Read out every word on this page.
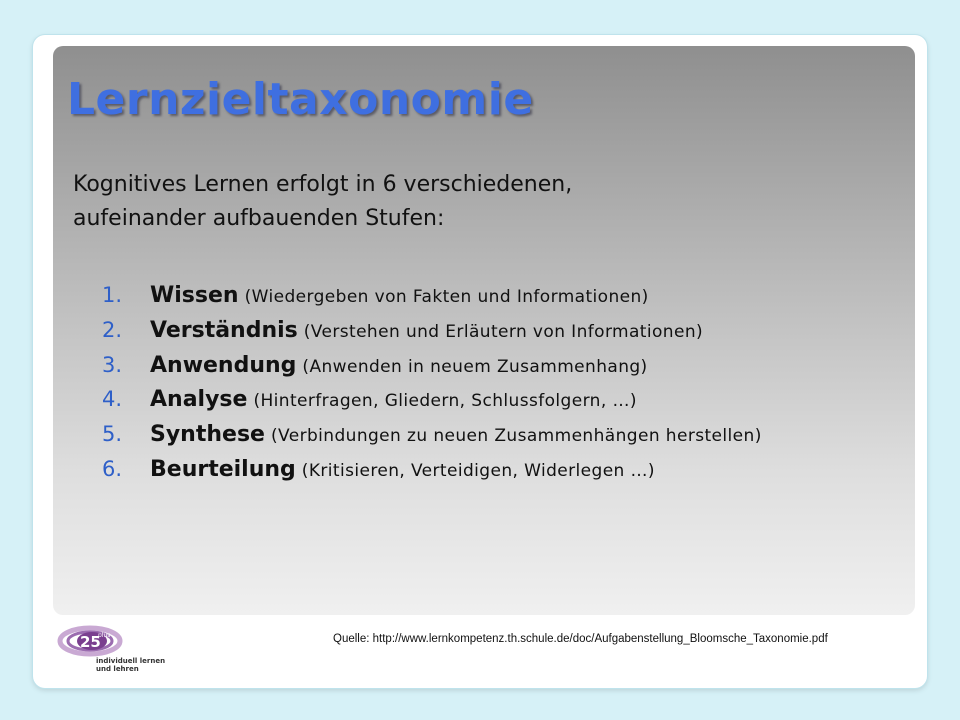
Lernzieltaxonomie
Kognitives Lernen erfolgt in 6 verschiedenen,
aufeinander aufbauenden Stufen:
1.	Wissen (Wiedergeben von Fakten und Informationen)
2.	Verständnis (Verstehen und Erläutern von Informationen)
3.	Anwendung (Anwenden in neuem Zusammenhang)
4.	Analyse (Hinterfragen, Gliedern, Schlussfolgern, …)
5.	Synthese (Verbindungen zu neuen Zusammenhängen herstellen)
6.	Beurteilung (Kritisieren, Verteidigen, Widerlegen …)
25
plus
individuell lernen
und lehren
Quelle: http://www.lernkompetenz.th.schule.de/doc/Aufgabenstellung_Bloomsche_Taxonomie.pdf
